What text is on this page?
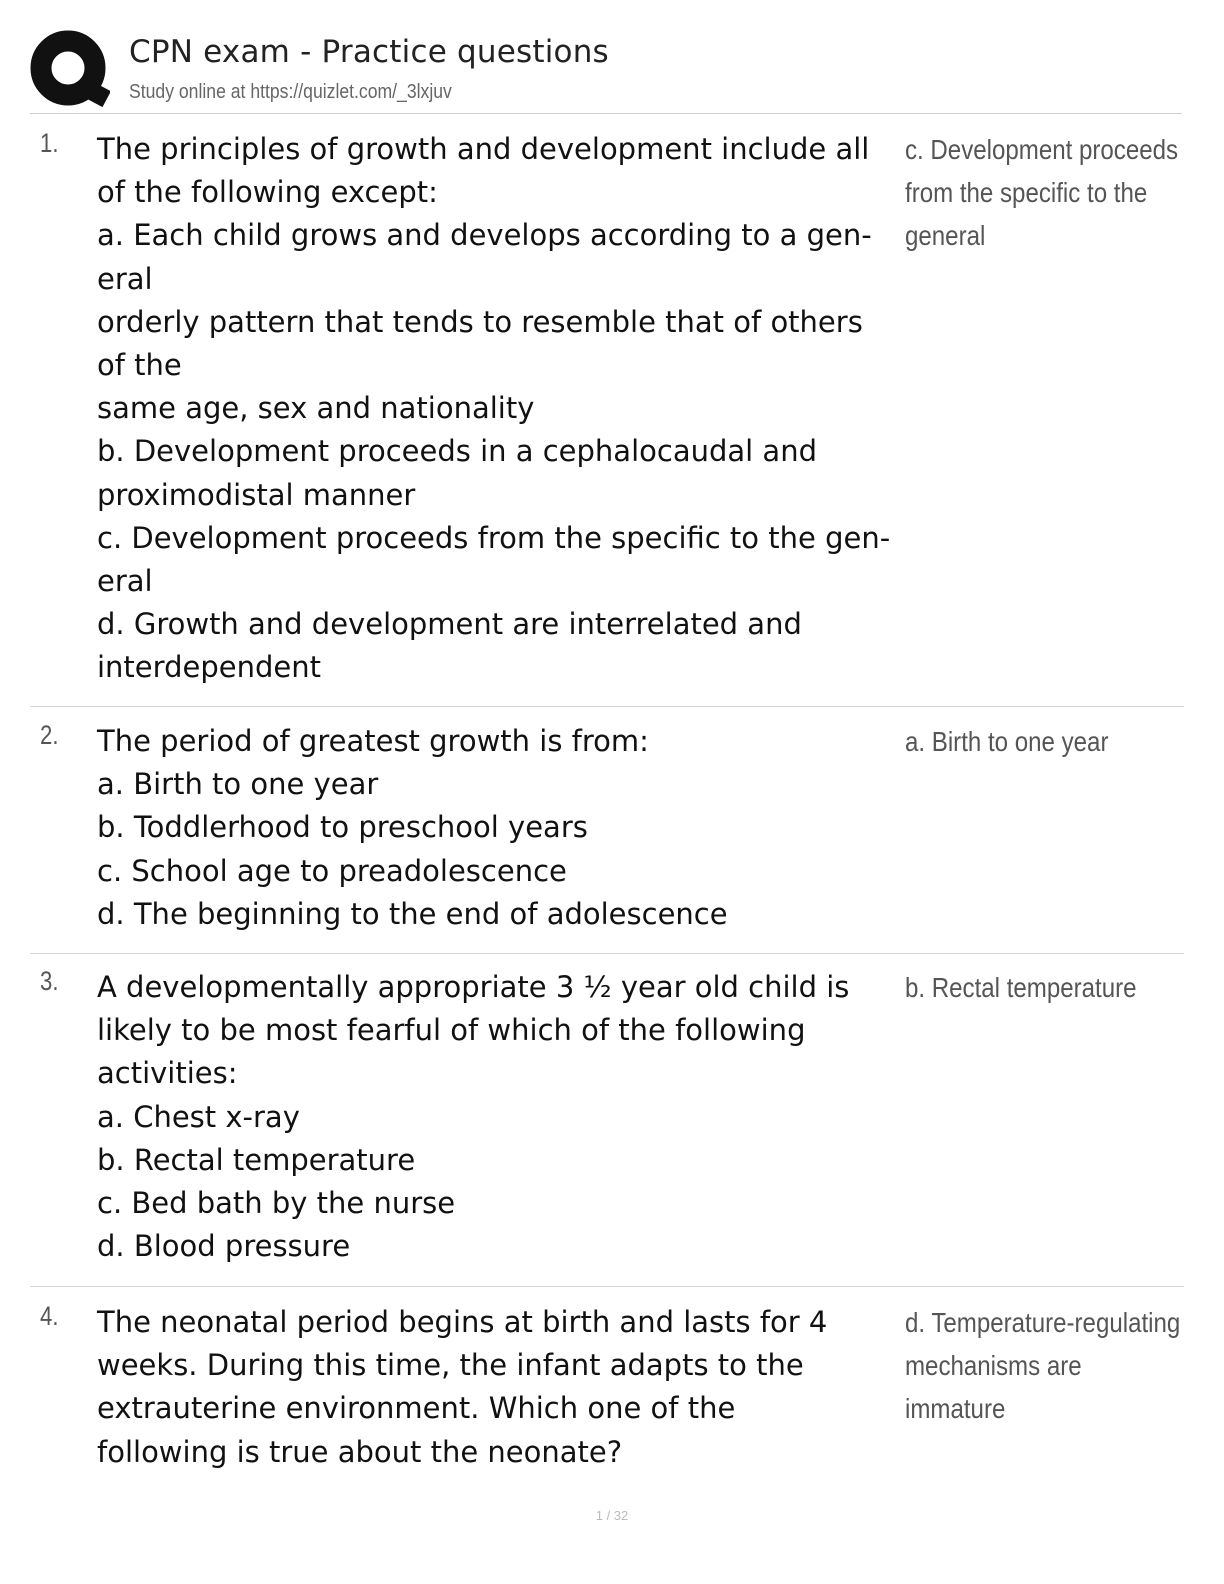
CPN exam - Practice questions
Study online at https://quizlet.com/_3lxjuv
1. The principles of growth and development include all
of the following except:
a. Each child grows and develops according to a gen-
eral
orderly pattern that tends to resemble that of others
of the
same age, sex and nationality
b. Development proceeds in a cephalocaudal and
proximodistal manner
c. Development proceeds from the specific to the gen-
eral
d. Growth and development are interrelated and
interdependent
c. Development proceeds
from the specific to the
general
2. The period of greatest growth is from:
a. Birth to one year
b. Toddlerhood to preschool years
c. School age to preadolescence
d. The beginning to the end of adolescence
a. Birth to one year
3. A developmentally appropriate 3 ½ year old child is
likely to be most fearful of which of the following
activities:
a. Chest x-ray
b. Rectal temperature
c. Bed bath by the nurse
d. Blood pressure
b. Rectal temperature
4. The neonatal period begins at birth and lasts for 4
weeks. During this time, the infant adapts to the
extrauterine environment. Which one of the
following is true about the neonate?
d. Temperature-regulating
mechanisms are
immature
1 / 32
